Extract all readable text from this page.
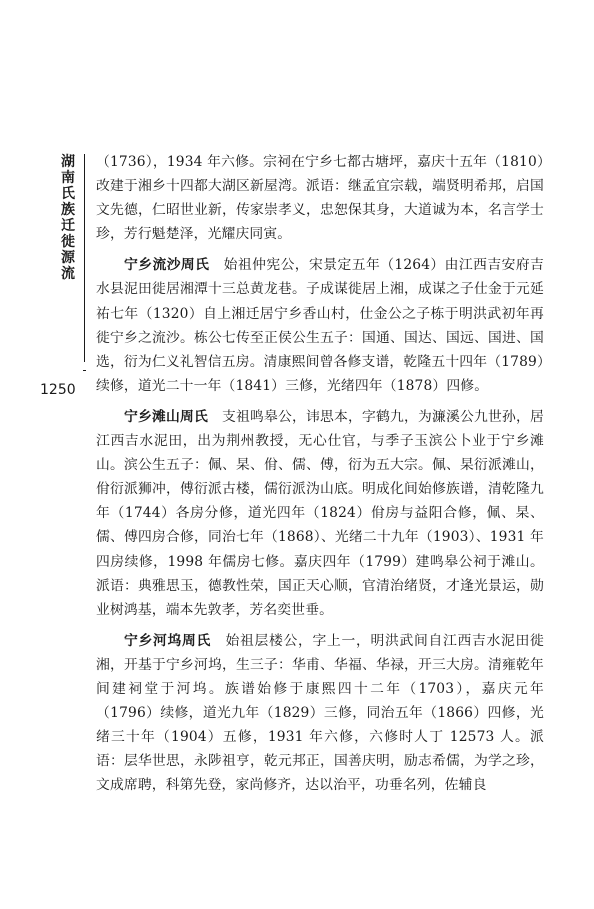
湖南氏族迁徙源流
1250

（1736），1934 年六修。宗祠在宁乡七都古塘坪，嘉庆十五年（1810）改建于湘乡十四都大湖区新屋湾。派语：继孟宜宗载，端贤明希邦，启国文先德，仁昭世业新，传家崇孝义，忠恕保其身，大道诚为本，名言学士珍，芳行魁楚泽，光耀庆同寅。

宁乡流沙周氏　始祖仲宪公，宋景定五年（1264）由江西吉安府吉水县泥田徙居湘潭十三总黄龙巷。子成谋徙居上湘，成谋之子仕金于元延祐七年（1320）自上湘迁居宁乡香山村，仕金公之子栋于明洪武初年再徙宁乡之流沙。栋公七传至正侯公生五子：国通、国达、国远、国进、国选，衍为仁义礼智信五房。清康熙间曾各修支谱，乾隆五十四年（1789）续修，道光二十一年（1841）三修，光绪四年（1878）四修。

宁乡滩山周氏　支祖鸣皋公，讳思本，字鹤九，为濂溪公九世孙，居江西吉水泥田，出为荆州教授，无心仕官，与季子玉滨公卜业于宁乡滩山。滨公生五子：佩、杲、佾、儒、傅，衍为五大宗。佩、杲衍派滩山，佾衍派狮冲，傅衍派古楼，儒衍派沩山底。明成化间始修族谱，清乾隆九年（1744）各房分修，道光四年（1824）佾房与益阳合修，佩、杲、儒、傅四房合修，同治七年（1868）、光绪二十九年（1903）、1931 年四房续修，1998 年儒房七修。嘉庆四年（1799）建鸣皋公祠于滩山。派语：典雅思玉，德教性荣，国正天心顺，官清治绪贤，才逢光景运，勋业树鸿基，端本先敦孝，芳名奕世垂。

宁乡河坞周氏　始祖层楼公，字上一，明洪武间自江西吉水泥田徙湘，开基于宁乡河坞，生三子：华甫、华福、华禄，开三大房。清雍乾年间建祠堂于河坞。族谱始修于康熙四十二年（1703），嘉庆元年（1796）续修，道光九年（1829）三修，同治五年（1866）四修，光绪三十年（1904）五修，1931 年六修，六修时人丁 12573 人。派语：层华世思，永陟祖亨，乾元邦正，国善庆明，励志希儒，为学之珍，文成席聘，科第先登，家尚修齐，达以治平，功垂名列，佐辅良
